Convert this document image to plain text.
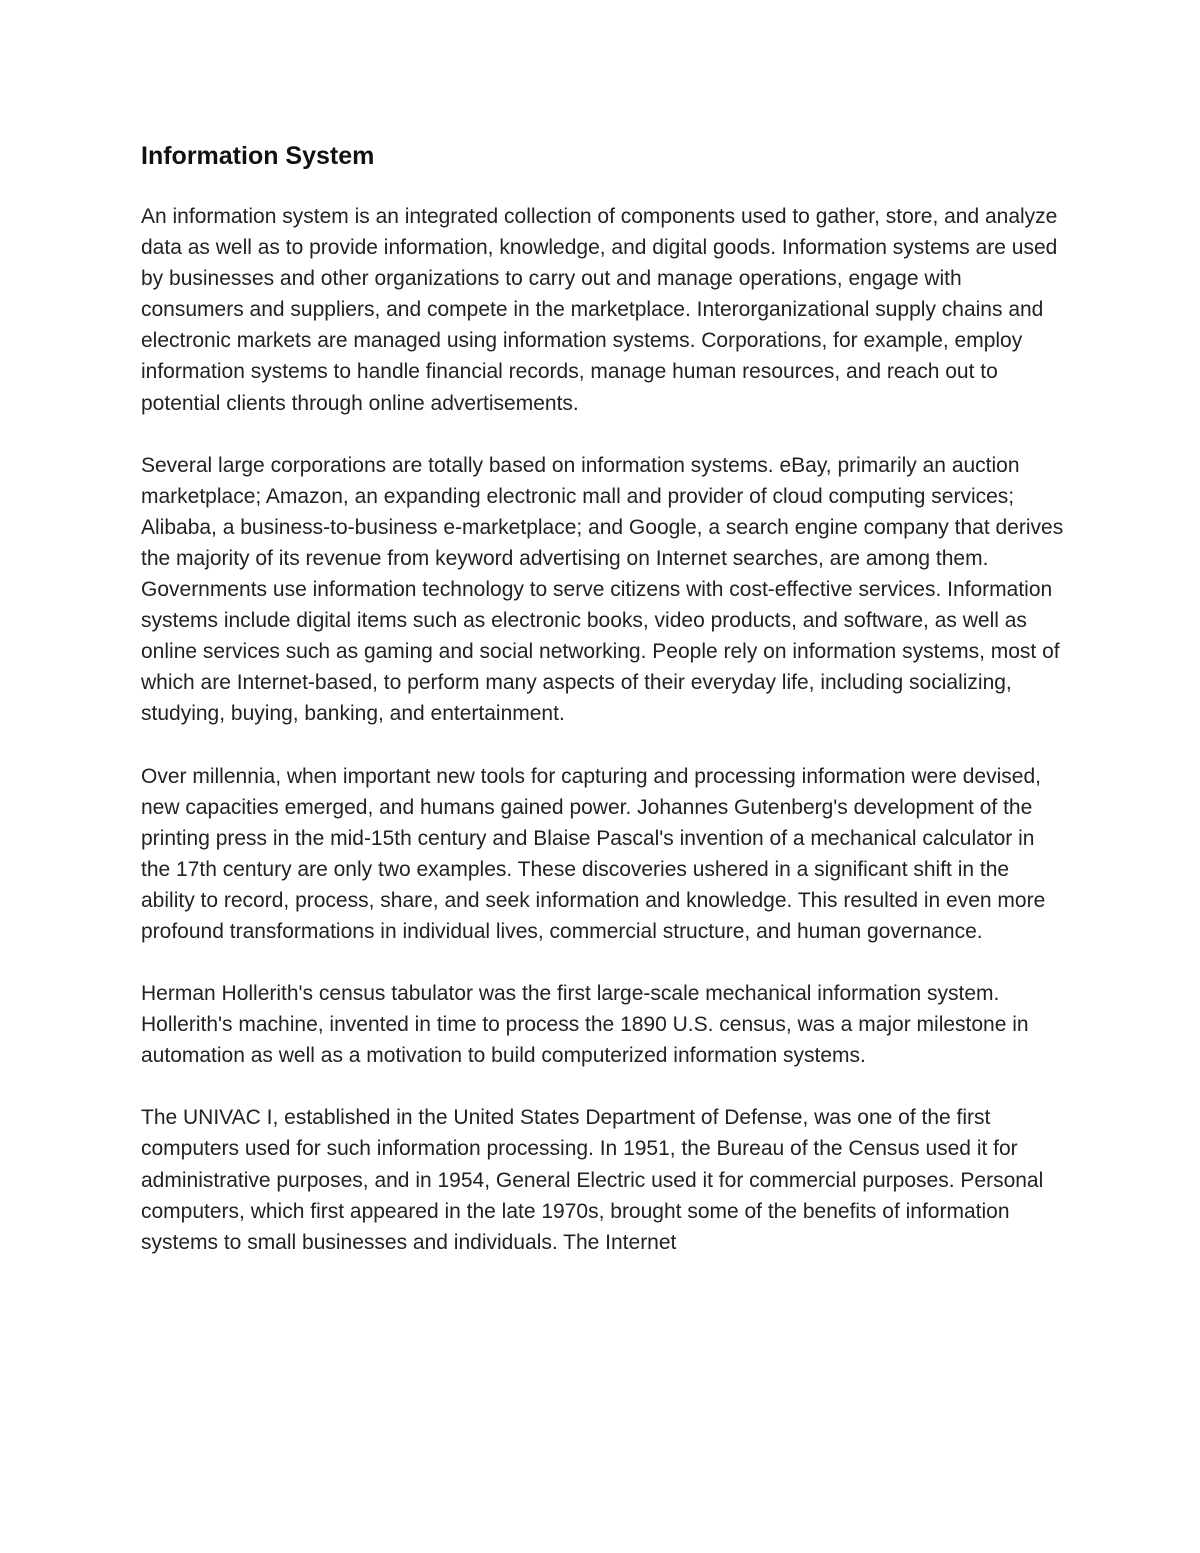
Information System

An information system is an integrated collection of components used to gather, store, and analyze data as well as to provide information, knowledge, and digital goods. Information systems are used by businesses and other organizations to carry out and manage operations, engage with consumers and suppliers, and compete in the marketplace. Interorganizational supply chains and electronic markets are managed using information systems. Corporations, for example, employ information systems to handle financial records, manage human resources, and reach out to potential clients through online advertisements.

Several large corporations are totally based on information systems. eBay, primarily an auction marketplace; Amazon, an expanding electronic mall and provider of cloud computing services; Alibaba, a business-to-business e-marketplace; and Google, a search engine company that derives the majority of its revenue from keyword advertising on Internet searches, are among them. Governments use information technology to serve citizens with cost-effective services. Information systems include digital items such as electronic books, video products, and software, as well as online services such as gaming and social networking. People rely on information systems, most of which are Internet-based, to perform many aspects of their everyday life, including socializing, studying, buying, banking, and entertainment.

Over millennia, when important new tools for capturing and processing information were devised, new capacities emerged, and humans gained power. Johannes Gutenberg's development of the printing press in the mid-15th century and Blaise Pascal's invention of a mechanical calculator in the 17th century are only two examples. These discoveries ushered in a significant shift in the ability to record, process, share, and seek information and knowledge. This resulted in even more profound transformations in individual lives, commercial structure, and human governance.

Herman Hollerith's census tabulator was the first large-scale mechanical information system. Hollerith's machine, invented in time to process the 1890 U.S. census, was a major milestone in automation as well as a motivation to build computerized information systems.

The UNIVAC I, established in the United States Department of Defense, was one of the first computers used for such information processing. In 1951, the Bureau of the Census used it for administrative purposes, and in 1954, General Electric used it for commercial purposes. Personal computers, which first appeared in the late 1970s, brought some of the benefits of information systems to small businesses and individuals. The Internet
